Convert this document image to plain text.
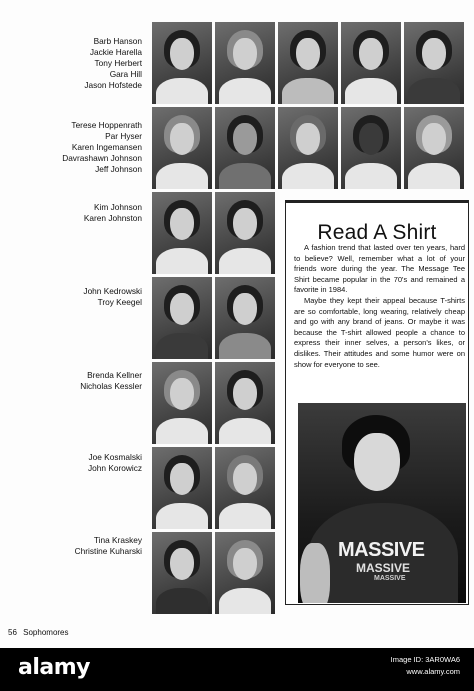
Barb Hanson
Jackie Harella
Tony Herbert
Gara Hill
Jason Hofstede
Terese Hoppenrath
Par Hyser
Karen Ingemansen
Davrashawn Johnson
Jeff Johnson
Kim Johnson
Karen Johnston
John Kedrowski
Troy Keegel
Brenda Kellner
Nicholas Kessler
Joe Kosmalski
John Korowicz
Tina Kraskey
Christine Kuharski
Read A Shirt

A fashion trend that lasted over ten years, hard to believe? Well, remember what a lot of your friends wore during the year. The Message Tee Shirt became popular in the 70's and remained a favorite in 1984.

Maybe they kept their appeal because T-shirts are so comfortable, long wearing, relatively cheap and go with any brand of jeans. Or maybe it was because the T-shirt allowed people a chance to express their inner selves, a person's likes, or dislikes. Their attitudes and some humor were on show for everyone to see.

MASSIVE
MASSIVE
MASSIVE
56 Sophomores
alamy	Image ID: 3AR0WA6
www.alamy.com
